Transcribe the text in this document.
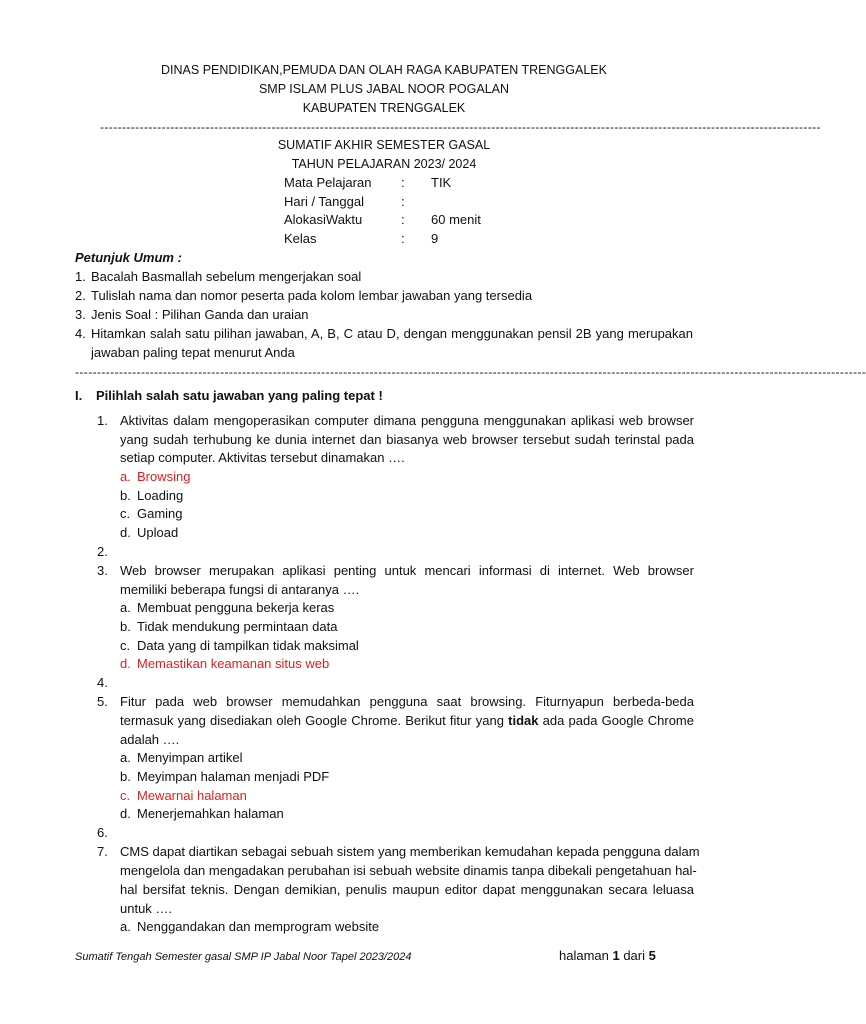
DINAS PENDIDIKAN,PEMUDA DAN OLAH RAGA KABUPATEN TRENGGALEK
SMP ISLAM PLUS JABAL NOOR POGALAN
KABUPATEN TRENGGALEK
--------------------------------------------------------------------------------------------------------------------------------------------------------------------
SUMATIF AKHIR SEMESTER GASAL
TAHUN PELAJARAN 2023/ 2024
Mata Pelajaran : TIK
Hari / Tanggal	:
AlokasiWaktu	: 60 menit
Kelas	: 9
Petunjuk Umum :
1. Bacalah Basmallah sebelum mengerjakan soal
2. Tulislah nama dan nomor peserta pada kolom lembar jawaban yang tersedia
3. Jenis Soal : Pilihan Ganda dan uraian
4. Hitamkan salah satu pilihan jawaban, A, B, C atau D, dengan menggunakan pensil 2B yang merupakan
jawaban paling tepat menurut Anda
------------------------------------------------------------------------------------------------------------------------------------------------------------------------------------
I. Pilihlah salah satu jawaban yang paling tepat !
1. Aktivitas dalam mengoperasikan computer dimana pengguna menggunakan aplikasi web browser
yang sudah terhubung ke dunia internet dan biasanya web browser tersebut sudah terinstal pada
setiap computer. Aktivitas tersebut dinamakan ….
a. Browsing
b. Loading
c. Gaming
d. Upload
2.
3. Web browser merupakan aplikasi penting untuk mencari informasi di internet. Web browser
memiliki beberapa fungsi di antaranya ….
a. Membuat pengguna bekerja keras
b. Tidak mendukung permintaan data
c. Data yang di tampilkan tidak maksimal
d. Memastikan keamanan situs web
4.
5. Fitur pada web browser memudahkan pengguna saat browsing. Fiturnyapun berbeda-beda
termasuk yang disediakan oleh Google Chrome. Berikut fitur yang tidak ada pada Google Chrome
adalah ….
a. Menyimpan artikel
b. Meyimpan halaman menjadi PDF
c. Mewarnai halaman
d. Menerjemahkan halaman
6.
7. CMS dapat diartikan sebagai sebuah sistem yang memberikan kemudahan kepada pengguna dalam
mengelola dan mengadakan perubahan isi sebuah website dinamis tanpa dibekali pengetahuan hal-
hal bersifat teknis. Dengan demikian, penulis maupun editor dapat menggunakan secara leluasa
untuk ….
a. Nenggandakan dan memprogram website
Sumatif Tengah Semester gasal SMP IP Jabal Noor Tapel 2023/2024	halaman 1 dari 5
